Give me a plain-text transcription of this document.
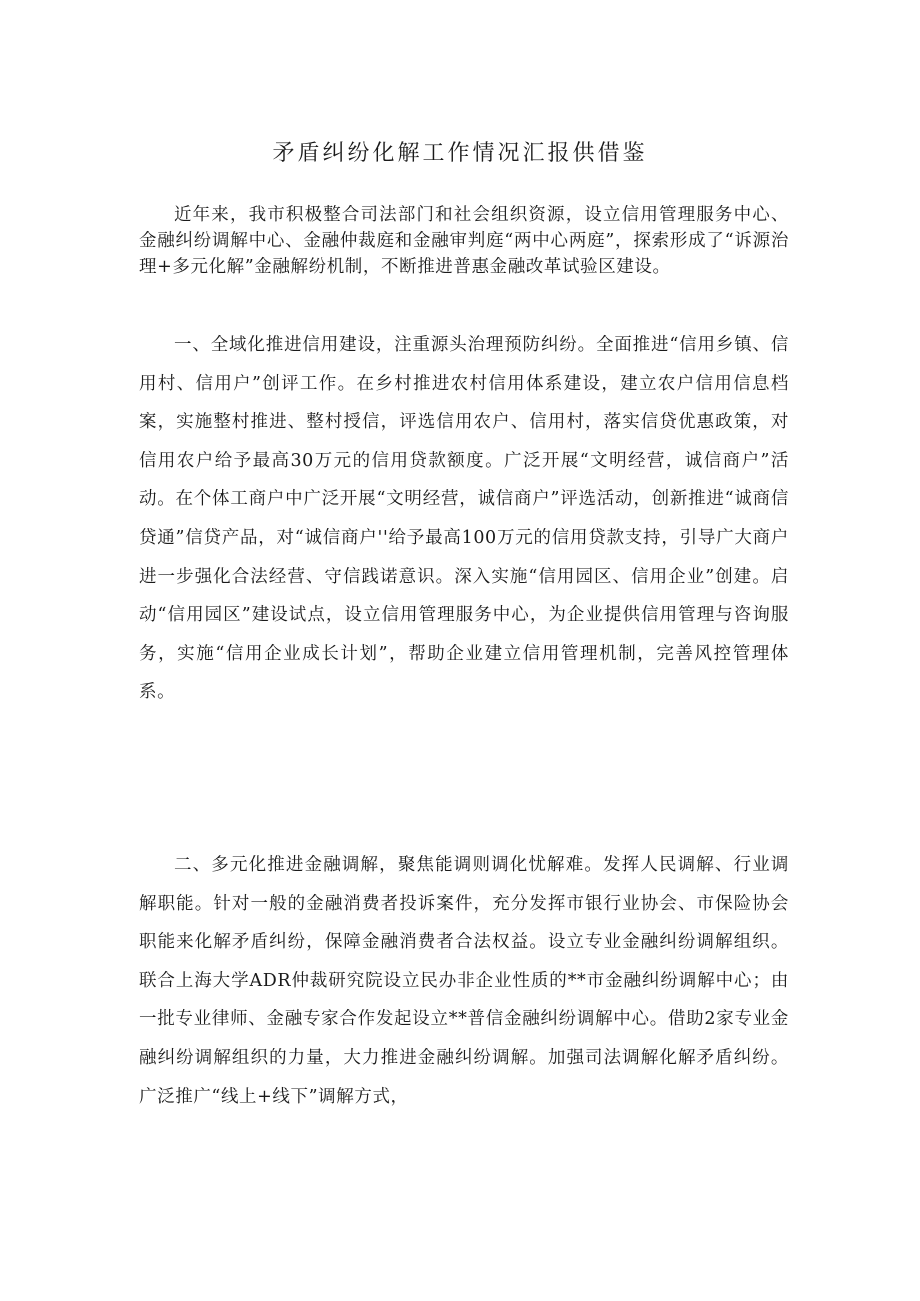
矛盾纠纷化解工作情况汇报供借鉴

近年来，我市积极整合司法部门和社会组织资源，设立信用管理服务中心、金融纠纷调解中心、金融仲裁庭和金融审判庭“两中心两庭”，探索形成了“诉源治理+多元化解”金融解纷机制，不断推进普惠金融改革试验区建设。

一、全域化推进信用建设，注重源头治理预防纠纷。全面推进“信用乡镇、信用村、信用户”创评工作。在乡村推进农村信用体系建设，建立农户信用信息档案，实施整村推进、整村授信，评选信用农户、信用村，落实信贷优惠政策，对信用农户给予最高30万元的信用贷款额度。广泛开展“文明经营，诚信商户”活动。在个体工商户中广泛开展“文明经营，诚信商户”评选活动，创新推进“诚商信贷通”信贷产品，对“诚信商户''给予最高100万元的信用贷款支持，引导广大商户进一步强化合法经营、守信践诺意识。深入实施“信用园区、信用企业”创建。启动“信用园区”建设试点，设立信用管理服务中心，为企业提供信用管理与咨询服务，实施“信用企业成长计划”，帮助企业建立信用管理机制，完善风控管理体系。

二、多元化推进金融调解，聚焦能调则调化忧解难。发挥人民调解、行业调解职能。针对一般的金融消费者投诉案件，充分发挥市银行业协会、市保险协会职能来化解矛盾纠纷，保障金融消费者合法权益。设立专业金融纠纷调解组织。联合上海大学ADR仲裁研究院设立民办非企业性质的**市金融纠纷调解中心；由一批专业律师、金融专家合作发起设立**普信金融纠纷调解中心。借助2家专业金融纠纷调解组织的力量，大力推进金融纠纷调解。加强司法调解化解矛盾纠纷。广泛推广“线上+线下”调解方式，
